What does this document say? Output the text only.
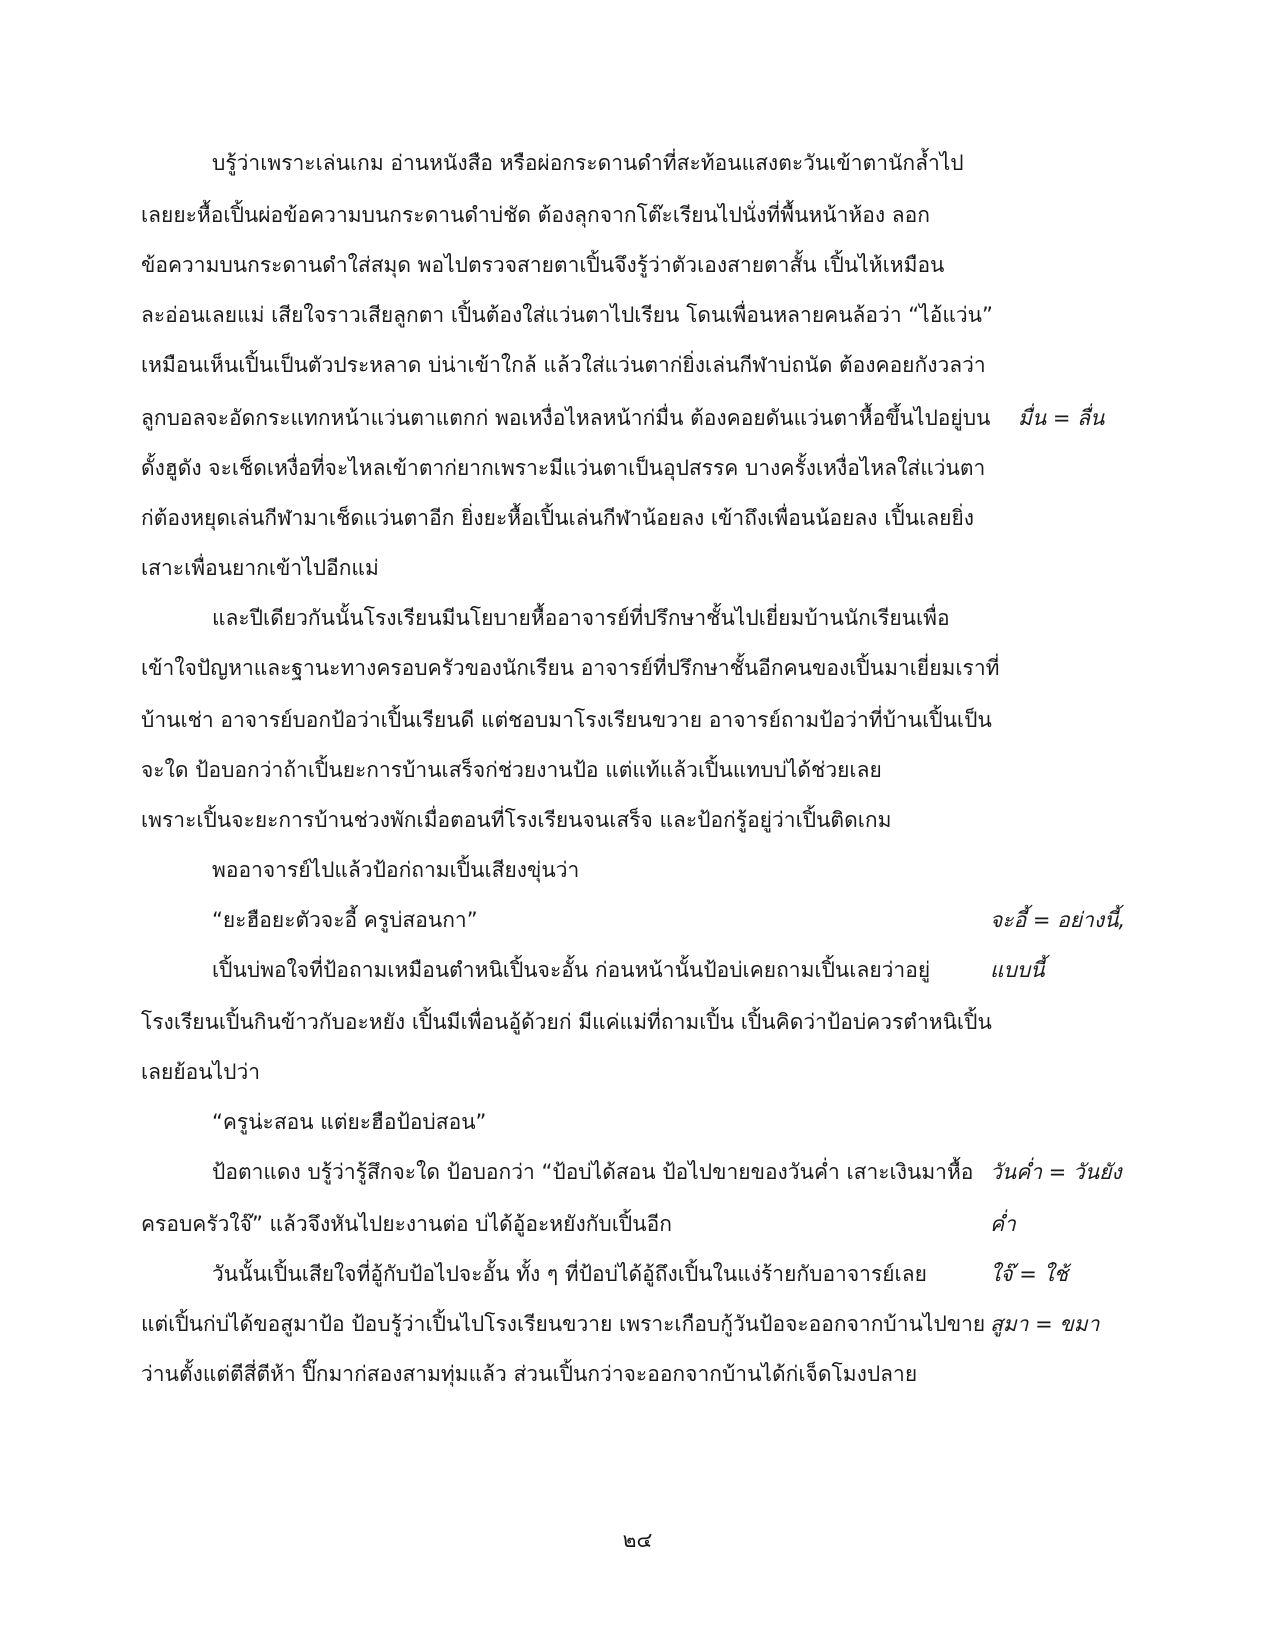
บรู้ว่าเพราะเล่นเกม อ่านหนังสือ หรือผ่อกระดานดำที่สะท้อนแสงตะวันเข้าตานักล้ำไป
เลยยะหื้อเปิ้นผ่อข้อความบนกระดานดำบ่ชัด ต้องลุกจากโต๊ะเรียนไปนั่งที่พื้นหน้าห้อง ลอก
ข้อความบนกระดานดำใส่สมุด พอไปตรวจสายตาเปิ้นจึงรู้ว่าตัวเองสายตาสั้น เปิ้นไห้เหมือน
ละอ่อนเลยแม่ เสียใจราวเสียลูกตา เปิ้นต้องใส่แว่นตาไปเรียน โดนเพื่อนหลายคนล้อว่า “ไอ้แว่น”
เหมือนเห็นเปิ้นเป็นตัวประหลาด บ่น่าเข้าใกล้ แล้วใส่แว่นตาก่ยิ่งเล่นกีฬาบ่ถนัด ต้องคอยกังวลว่า
ลูกบอลจะอัดกระแทกหน้าแว่นตาแตกก่ พอเหงื่อไหลหน้าก่มื่น ต้องคอยดันแว่นตาหื้อขึ้นไปอยู่บน
ดั้งฮูดัง จะเช็ดเหงื่อที่จะไหลเข้าตาก่ยากเพราะมีแว่นตาเป็นอุปสรรค บางครั้งเหงื่อไหลใส่แว่นตา
ก่ต้องหยุดเล่นกีฬามาเช็ดแว่นตาอีก ยิ่งยะหื้อเปิ้นเล่นกีฬาน้อยลง เข้าถึงเพื่อนน้อยลง เปิ้นเลยยิ่ง
เสาะเพื่อนยากเข้าไปอีกแม่
และปีเดียวกันนั้นโรงเรียนมีนโยบายหื้ออาจารย์ที่ปรึกษาชั้นไปเยี่ยมบ้านนักเรียนเพื่อ
เข้าใจปัญหาและฐานะทางครอบครัวของนักเรียน อาจารย์ที่ปรึกษาชั้นอีกคนของเปิ้นมาเยี่ยมเราที่
บ้านเช่า อาจารย์บอกป้อว่าเปิ้นเรียนดี แต่ชอบมาโรงเรียนขวาย อาจารย์ถามป้อว่าที่บ้านเปิ้นเป็น
จะใด ป้อบอกว่าถ้าเปิ้นยะการบ้านเสร็จก่ช่วยงานป้อ แต่แท้แล้วเปิ้นแทบบ่ได้ช่วยเลย
เพราะเปิ้นจะยะการบ้านช่วงพักเมื่อตอนที่โรงเรียนจนเสร็จ และป้อก่รู้อยู่ว่าเปิ้นติดเกม
พออาจารย์ไปแล้วป้อก่ถามเปิ้นเสียงขุ่นว่า
“ยะฮือยะตัวจะอี้ ครูบ่สอนกา”
เปิ้นบ่พอใจที่ป้อถามเหมือนตำหนิเปิ้นจะอั้น ก่อนหน้านั้นป้อบ่เคยถามเปิ้นเลยว่าอยู่
โรงเรียนเปิ้นกินข้าวกับอะหยัง เปิ้นมีเพื่อนอู้ด้วยก่ มีแค่แม่ที่ถามเปิ้น เปิ้นคิดว่าป้อบ่ควรตำหนิเปิ้น
เลยย้อนไปว่า
“ครูน่ะสอน แต่ยะฮือป้อบ่สอน”
ป้อตาแดง บรู้ว่ารู้สึกจะใด ป้อบอกว่า “ป้อบ่ได้สอน ป้อไปขายของวันค่ำ เสาะเงินมาหื้อ
ครอบครัวใจ๊” แล้วจึงหันไปยะงานต่อ บ่ได้อู้อะหยังกับเปิ้นอีก
วันนั้นเปิ้นเสียใจที่อู้กับป้อไปจะอั้น ทั้ง ๆ ที่ป้อบ่ได้อู้ถึงเปิ้นในแง่ร้ายกับอาจารย์เลย
แต่เปิ้นก่บ่ได้ขอสูมาป้อ ป้อบรู้ว่าเปิ้นไปโรงเรียนขวาย เพราะเกือบกู้วันป้อจะออกจากบ้านไปขาย
ว่านตั้งแต่ตีสี่ตีห้า ปิ๊กมาก่สองสามทุ่มแล้ว ส่วนเปิ้นกว่าจะออกจากบ้านได้ก่เจ็ดโมงปลาย
มื่น = ลื่น
จะอี้ = อย่างนี้,
แบบนี้
วันค่ำ = วันยัง
ค่ำ
ใจ๊ = ใช้
สูมา = ขมา
๒๔
